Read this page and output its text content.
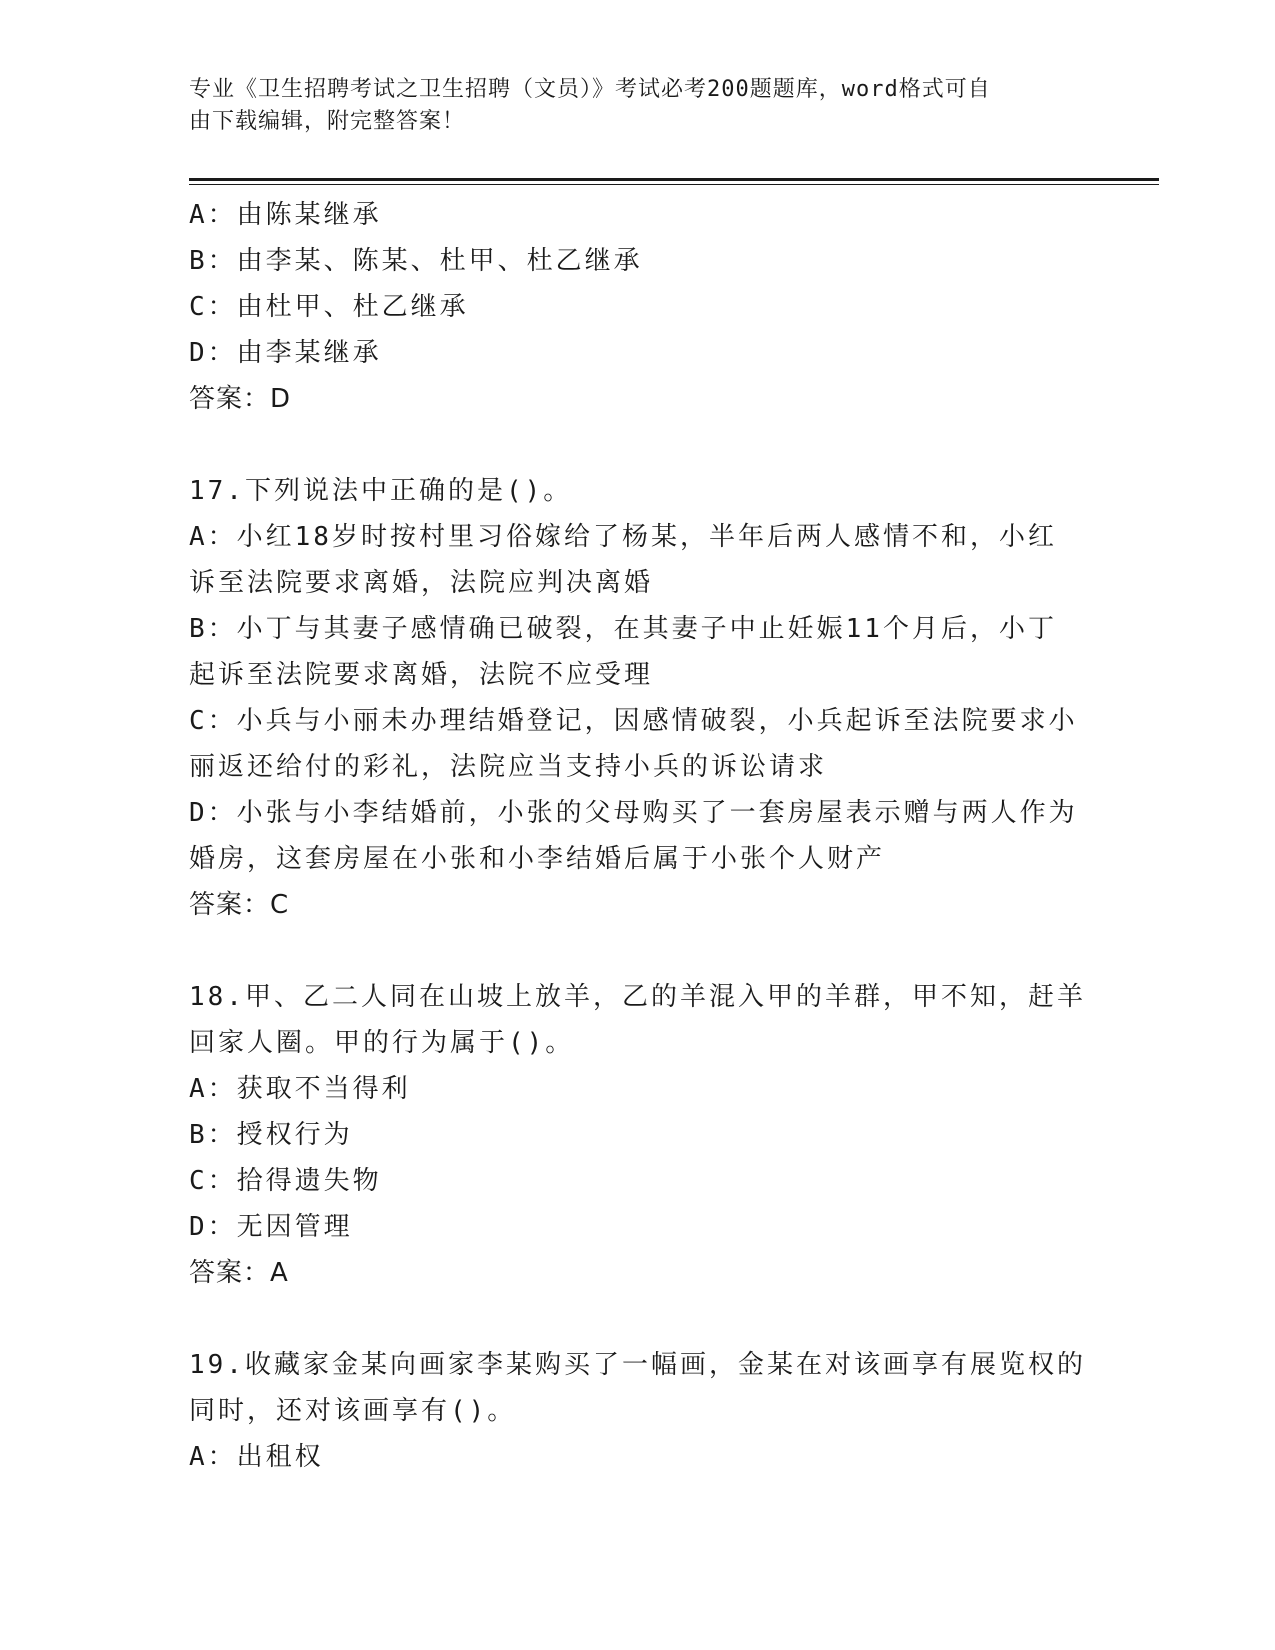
专业《卫生招聘考试之卫生招聘（文员）》考试必考200题题库，word格式可自
由下载编辑，附完整答案！
A：由陈某继承
B：由李某、陈某、杜甲、杜乙继承
C：由杜甲、杜乙继承
D：由李某继承
答案：D
17.下列说法中正确的是()。
A：小红18岁时按村里习俗嫁给了杨某，半年后两人感情不和，小红
诉至法院要求离婚，法院应判决离婚
B：小丁与其妻子感情确已破裂，在其妻子中止妊娠11个月后，小丁
起诉至法院要求离婚，法院不应受理
C：小兵与小丽未办理结婚登记，因感情破裂，小兵起诉至法院要求小
丽返还给付的彩礼，法院应当支持小兵的诉讼请求
D：小张与小李结婚前，小张的父母购买了一套房屋表示赠与两人作为
婚房，这套房屋在小张和小李结婚后属于小张个人财产
答案：C
18.甲、乙二人同在山坡上放羊，乙的羊混入甲的羊群，甲不知，赶羊
回家人圈。甲的行为属于()。
A：获取不当得利
B：授权行为
C：拾得遗失物
D：无因管理
答案：A
19.收藏家金某向画家李某购买了一幅画，金某在对该画享有展览权的
同时，还对该画享有()。
A：出租权
